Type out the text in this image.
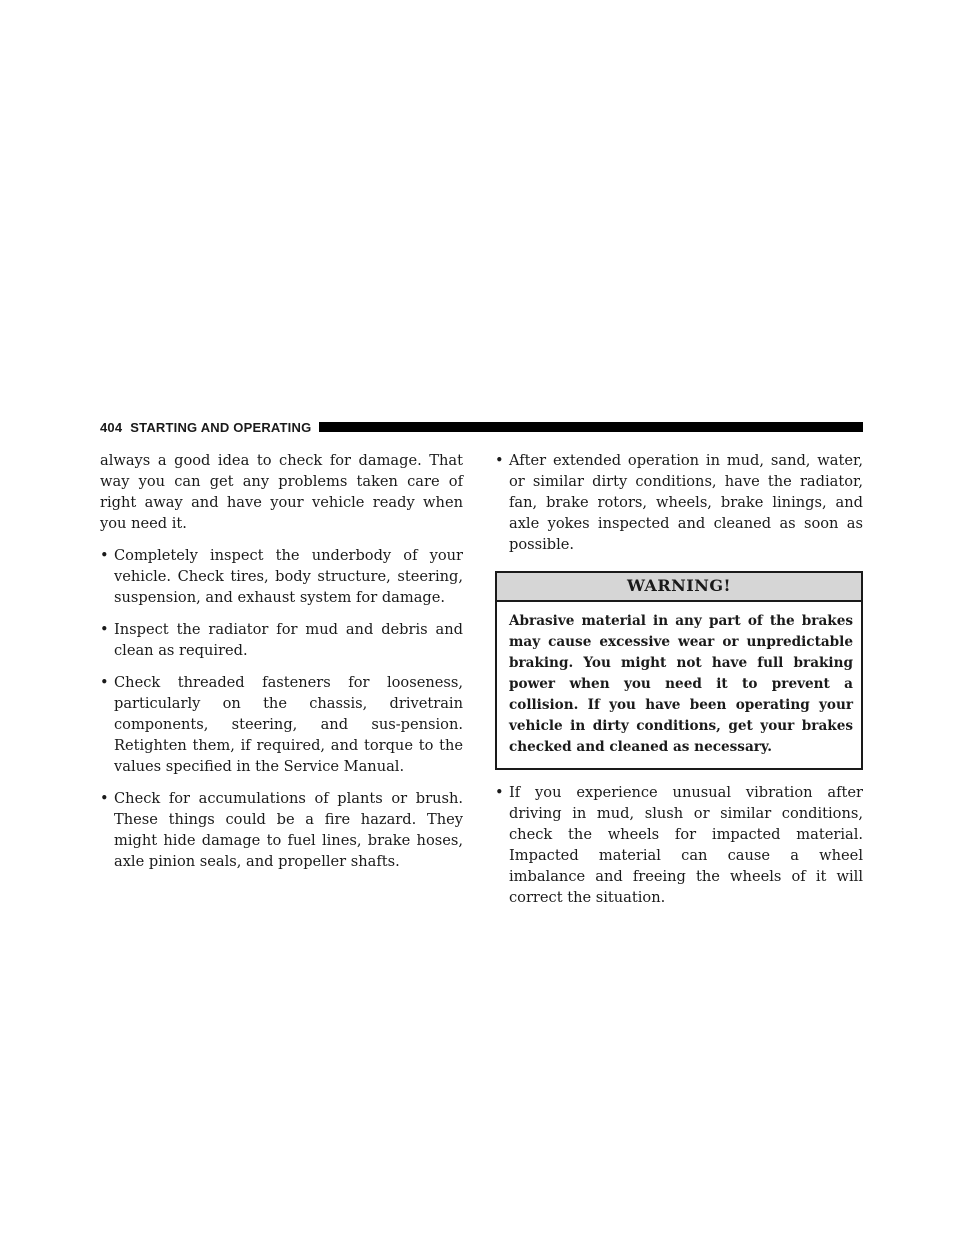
404 STARTING AND OPERATING

always a good idea to check for damage. That way you can get any problems taken care of right away and have your vehicle ready when you need it.

• Completely inspect the underbody of your vehicle. Check tires, body structure, steering, suspension, and exhaust system for damage.
• Inspect the radiator for mud and debris and clean as required.
• Check threaded fasteners for looseness, particularly on the chassis, drivetrain components, steering, and sus-pension. Retighten them, if required, and torque to the values specified in the Service Manual.
• Check for accumulations of plants or brush. These things could be a fire hazard. They might hide damage to fuel lines, brake hoses, axle pinion seals, and propeller shafts.
• After extended operation in mud, sand, water, or similar dirty conditions, have the radiator, fan, brake rotors, wheels, brake linings, and axle yokes inspected and cleaned as soon as possible.
WARNING!
Abrasive material in any part of the brakes may cause excessive wear or unpredictable braking. You might not have full braking power when you need it to prevent a collision. If you have been operating your vehicle in dirty conditions, get your brakes checked and cleaned as necessary.
• If you experience unusual vibration after driving in mud, slush or similar conditions, check the wheels for impacted material. Impacted material can cause a wheel imbalance and freeing the wheels of it will correct the situation.
